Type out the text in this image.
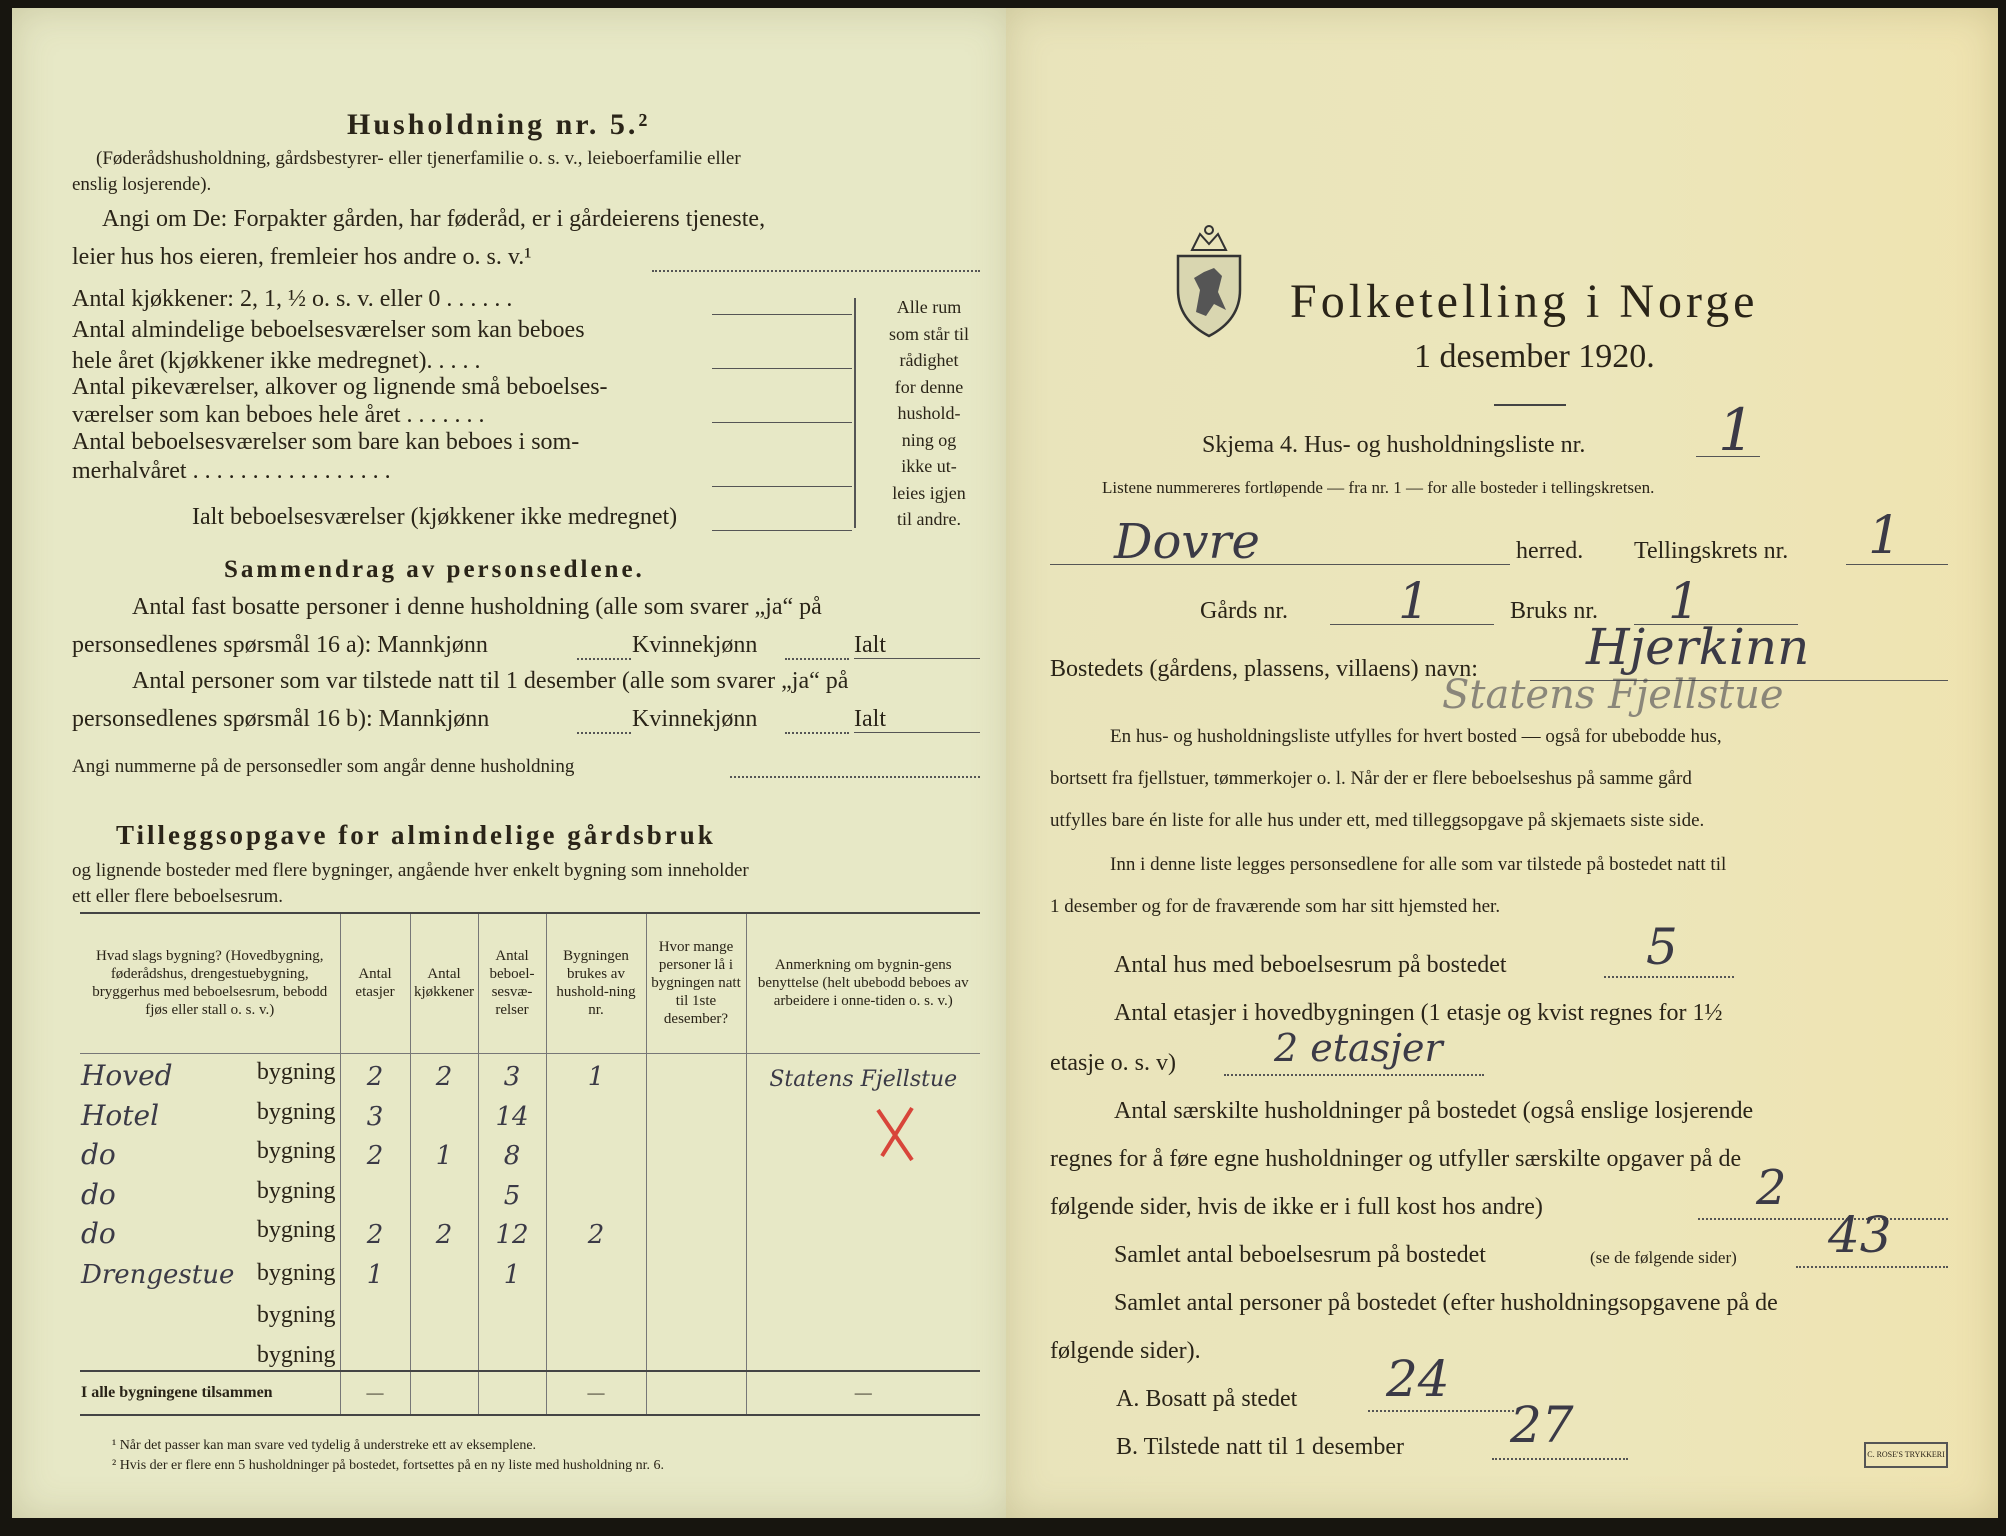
Husholdning nr. 5.²
(Føderådshusholdning, gårdsbestyrer- eller tjenerfamilie o. s. v., leieboerfamilie eller
enslig losjerende).
Angi om De: Forpakter gården, har føderåd, er i gårdeierens tjeneste,
leier hus hos eieren, fremleier hos andre o. s. v.¹
Antal kjøkkener: 2, 1, ½ o. s. v. eller 0 . . . . . .
Antal almindelige beboelsesværelser som kan beboes
hele året (kjøkkener ikke medregnet). . . . .
Antal pikeværelser, alkover og lignende små beboelses-
værelser som kan beboes hele året . . . . . . .
Antal beboelsesværelser som bare kan beboes i som-
merhalvåret . . . . . . . . . . . . . . . . .
Ialt beboelsesværelser (kjøkkener ikke medregnet)
Alle rum
som står til
rådighet
for denne
hushold-
ning og
ikke ut-
leies igjen
til andre.
Sammendrag av personsedlene.
Antal fast bosatte personer i denne husholdning (alle som svarer „ja“ på
personsedlenes spørsmål 16 a): Mannkjønn	Kvinnekjønn	Ialt
Antal personer som var tilstede natt til 1 desember (alle som svarer „ja“ på
personsedlenes spørsmål 16 b): Mannkjønn	Kvinnekjønn	Ialt
Angi nummerne på de personsedler som angår denne husholdning
Tilleggsopgave for almindelige gårdsbruk
og lignende bosteder med flere bygninger, angående hver enkelt bygning som inneholder
ett eller flere beboelsesrum.
Hvad slags bygning? (Hovedbygning, føderådshus, drengestuebygning, bryggerhus med beboelsesrum, bebodd fjøs eller stall o. s. v.)	Antal etasjer	Antal kjøkkener	Antal beboel-sesvæ-relser	Bygningen brukes av hushold-ning nr.	Hvor mange personer lå i bygningen natt til 1ste desember?	Anmerkning om bygnin-gens benyttelse (helt ubebodd beboes av arbeidere i onne-tiden o. s. v.)

Hoved bygning	2	2	3	1		Statens Fjellstue

Hotel bygning	3		14			

do bygning	2	1	8			

do bygning			5			

do bygning	2	2	12	2		

Drengestue bygning	1		1			
bygning						
bygning						
I alle bygningene tilsammen	—			—		—
¹ Når det passer kan man svare ved tydelig å understreke ett av eksemplene.
² Hvis der er flere enn 5 husholdninger på bostedet, fortsettes på en ny liste med husholdning nr. 6.
Folketelling i Norge
1 desember 1920.
Skjema 4. Hus- og husholdningsliste nr. 1
Listene nummereres fortløpende — fra nr. 1 — for alle bosteder i tellingskretsen.
Dovre	herred. Tellingskrets nr. 1
Gårds nr. 1	Bruks nr. 1
Bostedets (gårdens, plassens, villaens) navn: Hjerkinn
Statens Fjellstue
En hus- og husholdningsliste utfylles for hvert bosted — også for ubebodde hus,
bortsett fra fjellstuer, tømmerkojer o. l. Når der er flere beboelseshus på samme gård
utfylles bare én liste for alle hus under ett, med tilleggsopgave på skjemaets siste side.
Inn i denne liste legges personsedlene for alle som var tilstede på bostedet natt til
1 desember og for de fraværende som har sitt hjemsted her.
Antal hus med beboelsesrum på bostedet	5
Antal etasjer i hovedbygningen (1 etasje og kvist regnes for 1½
etasje o. s. v)	2 etasjer
Antal særskilte husholdninger på bostedet (også enslige losjerende
regnes for å føre egne husholdninger og utfyller særskilte opgaver på de
følgende sider, hvis de ikke er i full kost hos andre)	2
Samlet antal beboelsesrum på bostedet	(se de følgende sider) 43
Samlet antal personer på bostedet (efter husholdningsopgavene på de
følgende sider).
A. Bosatt på stedet 24
B. Tilstede natt til 1 desember 27
C. ROSE'S TRYKKERI
